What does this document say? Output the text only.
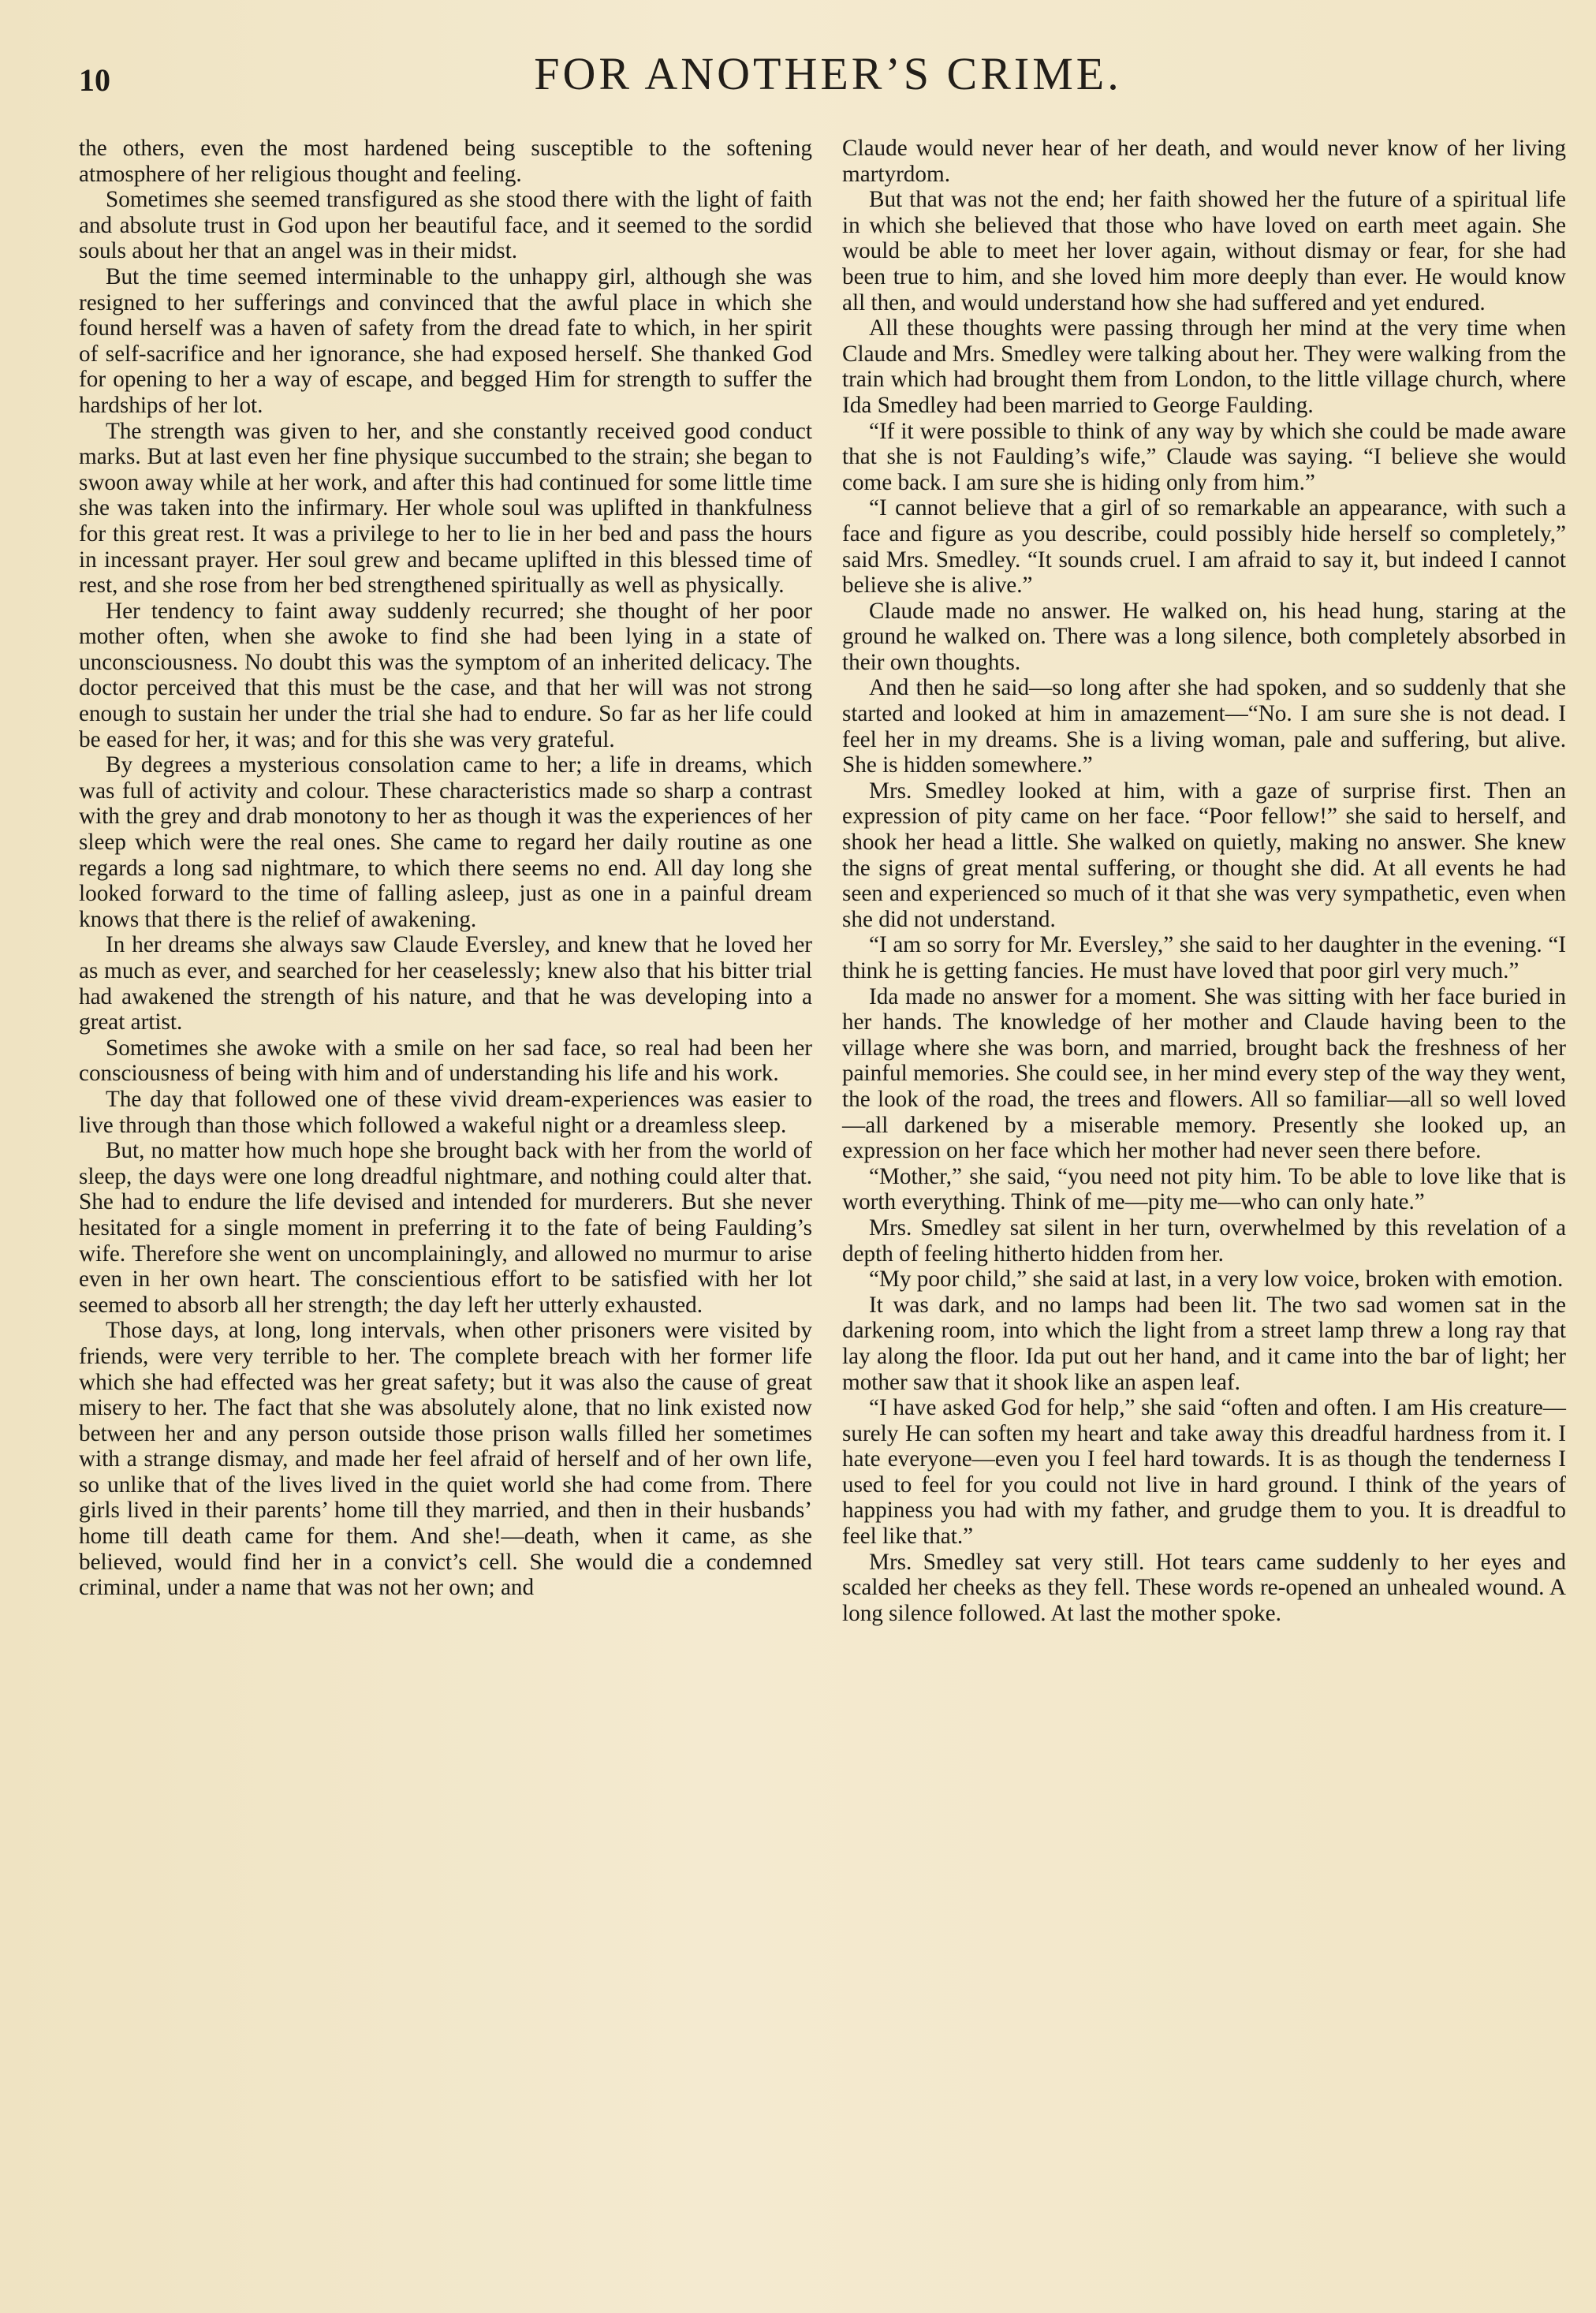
10	FOR ANOTHER’S CRIME.

the others, even the most hardened being susceptible to the softening atmosphere of her religious thought and feeling.

Sometimes she seemed transfigured as she stood there with the light of faith and absolute trust in God upon her beautiful face, and it seemed to the sordid souls about her that an angel was in their midst.

But the time seemed interminable to the unhappy girl, although she was resigned to her sufferings and convinced that the awful place in which she found herself was a haven of safety from the dread fate to which, in her spirit of self-sacrifice and her ignorance, she had exposed herself. She thanked God for opening to her a way of escape, and begged Him for strength to suffer the hardships of her lot.

The strength was given to her, and she constantly received good conduct marks. But at last even her fine physique succumbed to the strain; she began to swoon away while at her work, and after this had continued for some little time she was taken into the infirmary. Her whole soul was uplifted in thankfulness for this great rest. It was a privilege to her to lie in her bed and pass the hours in incessant prayer. Her soul grew and became uplifted in this blessed time of rest, and she rose from her bed strengthened spiritually as well as physically.

Her tendency to faint away suddenly recurred; she thought of her poor mother often, when she awoke to find she had been lying in a state of unconsciousness. No doubt this was the symptom of an inherited delicacy. The doctor perceived that this must be the case, and that her will was not strong enough to sustain her under the trial she had to endure. So far as her life could be eased for her, it was; and for this she was very grateful.

By degrees a mysterious consolation came to her; a life in dreams, which was full of activity and colour. These characteristics made so sharp a contrast with the grey and drab monotony to her as though it was the experiences of her sleep which were the real ones. She came to regard her daily routine as one regards a long sad nightmare, to which there seems no end. All day long she looked forward to the time of falling asleep, just as one in a painful dream knows that there is the relief of awakening.

In her dreams she always saw Claude Eversley, and knew that he loved her as much as ever, and searched for her ceaselessly; knew also that his bitter trial had awakened the strength of his nature, and that he was developing into a great artist.

Sometimes she awoke with a smile on her sad face, so real had been her consciousness of being with him and of understanding his life and his work.

The day that followed one of these vivid dream-experiences was easier to live through than those which followed a wakeful night or a dreamless sleep.

But, no matter how much hope she brought back with her from the world of sleep, the days were one long dreadful nightmare, and nothing could alter that. She had to endure the life devised and intended for murderers. But she never hesitated for a single moment in preferring it to the fate of being Faulding’s wife. Therefore she went on uncomplainingly, and allowed no murmur to arise even in her own heart. The conscientious effort to be satisfied with her lot seemed to absorb all her strength; the day left her utterly exhausted.

Those days, at long, long intervals, when other prisoners were visited by friends, were very terrible to her. The complete breach with her former life which she had effected was her great safety; but it was also the cause of great misery to her. The fact that she was absolutely alone, that no link existed now between her and any person outside those prison walls filled her sometimes with a strange dismay, and made her feel afraid of herself and of her own life, so unlike that of the lives lived in the quiet world she had come from. There girls lived in their parents’ home till they married, and then in their husbands’ home till death came for them. And she!—death, when it came, as she believed, would find her in a convict’s cell. She would die a condemned criminal, under a name that was not her own; and

Claude would never hear of her death, and would never know of her living martyrdom.

But that was not the end; her faith showed her the future of a spiritual life in which she believed that those who have loved on earth meet again. She would be able to meet her lover again, without dismay or fear, for she had been true to him, and she loved him more deeply than ever. He would know all then, and would understand how she had suffered and yet endured.

All these thoughts were passing through her mind at the very time when Claude and Mrs. Smedley were talking about her. They were walking from the train which had brought them from London, to the little village church, where Ida Smedley had been married to George Faulding.

“If it were possible to think of any way by which she could be made aware that she is not Faulding’s wife,” Claude was saying. “I believe she would come back. I am sure she is hiding only from him.”

“I cannot believe that a girl of so remarkable an appearance, with such a face and figure as you describe, could possibly hide herself so completely,” said Mrs. Smedley. “It sounds cruel. I am afraid to say it, but indeed I cannot believe she is alive.”

Claude made no answer. He walked on, his head hung, staring at the ground he walked on. There was a long silence, both completely absorbed in their own thoughts.

And then he said—so long after she had spoken, and so suddenly that she started and looked at him in amazement—“No. I am sure she is not dead. I feel her in my dreams. She is a living woman, pale and suffering, but alive. She is hidden somewhere.”

Mrs. Smedley looked at him, with a gaze of surprise first. Then an expression of pity came on her face. “Poor fellow!” she said to herself, and shook her head a little. She walked on quietly, making no answer. She knew the signs of great mental suffering, or thought she did. At all events he had seen and experienced so much of it that she was very sympathetic, even when she did not understand.

“I am so sorry for Mr. Eversley,” she said to her daughter in the evening. “I think he is getting fancies. He must have loved that poor girl very much.”

Ida made no answer for a moment. She was sitting with her face buried in her hands. The knowledge of her mother and Claude having been to the village where she was born, and married, brought back the freshness of her painful memories. She could see, in her mind every step of the way they went, the look of the road, the trees and flowers. All so familiar—all so well loved—all darkened by a miserable memory. Presently she looked up, an expression on her face which her mother had never seen there before.

“Mother,” she said, “you need not pity him. To be able to love like that is worth everything. Think of me—pity me—who can only hate.”

Mrs. Smedley sat silent in her turn, overwhelmed by this revelation of a depth of feeling hitherto hidden from her.

“My poor child,” she said at last, in a very low voice, broken with emotion.

It was dark, and no lamps had been lit. The two sad women sat in the darkening room, into which the light from a street lamp threw a long ray that lay along the floor. Ida put out her hand, and it came into the bar of light; her mother saw that it shook like an aspen leaf.

“I have asked God for help,” she said “often and often. I am His creature—surely He can soften my heart and take away this dreadful hardness from it. I hate everyone—even you I feel hard towards. It is as though the tenderness I used to feel for you could not live in hard ground. I think of the years of happiness you had with my father, and grudge them to you. It is dreadful to feel like that.”

Mrs. Smedley sat very still. Hot tears came suddenly to her eyes and scalded her cheeks as they fell. These words re-opened an unhealed wound. A long silence followed. At last the mother spoke.
